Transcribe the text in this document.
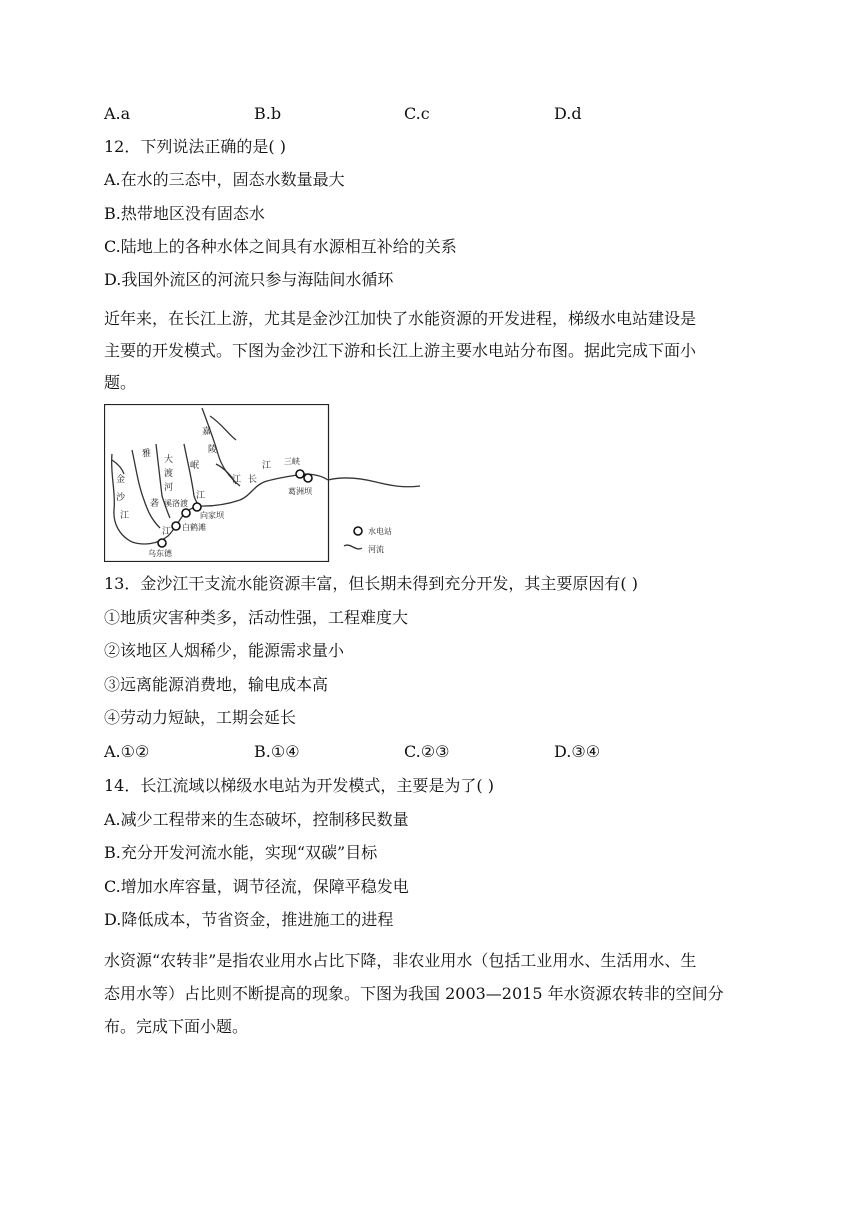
A.a	B.b	C.c	D.d
12．下列说法正确的是( )
A.在水的三态中，固态水数量最大
B.热带地区没有固态水
C.陆地上的各种水体之间具有水源相互补给的关系
D.我国外流区的河流只参与海陆间水循环
近年来，在长江上游，尤其是金沙江加快了水能资源的开发进程，梯级水电站建设是
主要的开发模式。下图为金沙江下游和长江上游主要水电站分布图。据此完成下面小
题。
嘉
陵
江
江 长
雅
砻
大
渡
河
岷
江
金
沙
江
江
三峡
葛洲坝
溪洛渡
向家坝
白鹤滩
乌东德
水电站
河流
13．金沙江干支流水能资源丰富，但长期未得到充分开发，其主要原因有( )
①地质灾害种类多，活动性强，工程难度大
②该地区人烟稀少，能源需求量小
③远离能源消费地，输电成本高
④劳动力短缺，工期会延长
A.①②	B.①④	C.②③	D.③④
14．长江流域以梯级水电站为开发模式，主要是为了( )
A.减少工程带来的生态破坏，控制移民数量
B.充分开发河流水能，实现“双碳”目标
C.增加水库容量，调节径流，保障平稳发电
D.降低成本，节省资金，推进施工的进程
水资源“农转非”是指农业用水占比下降，非农业用水（包括工业用水、生活用水、生
态用水等）占比则不断提高的现象。下图为我国 2003—2015 年水资源农转非的空间分
布。完成下面小题。
